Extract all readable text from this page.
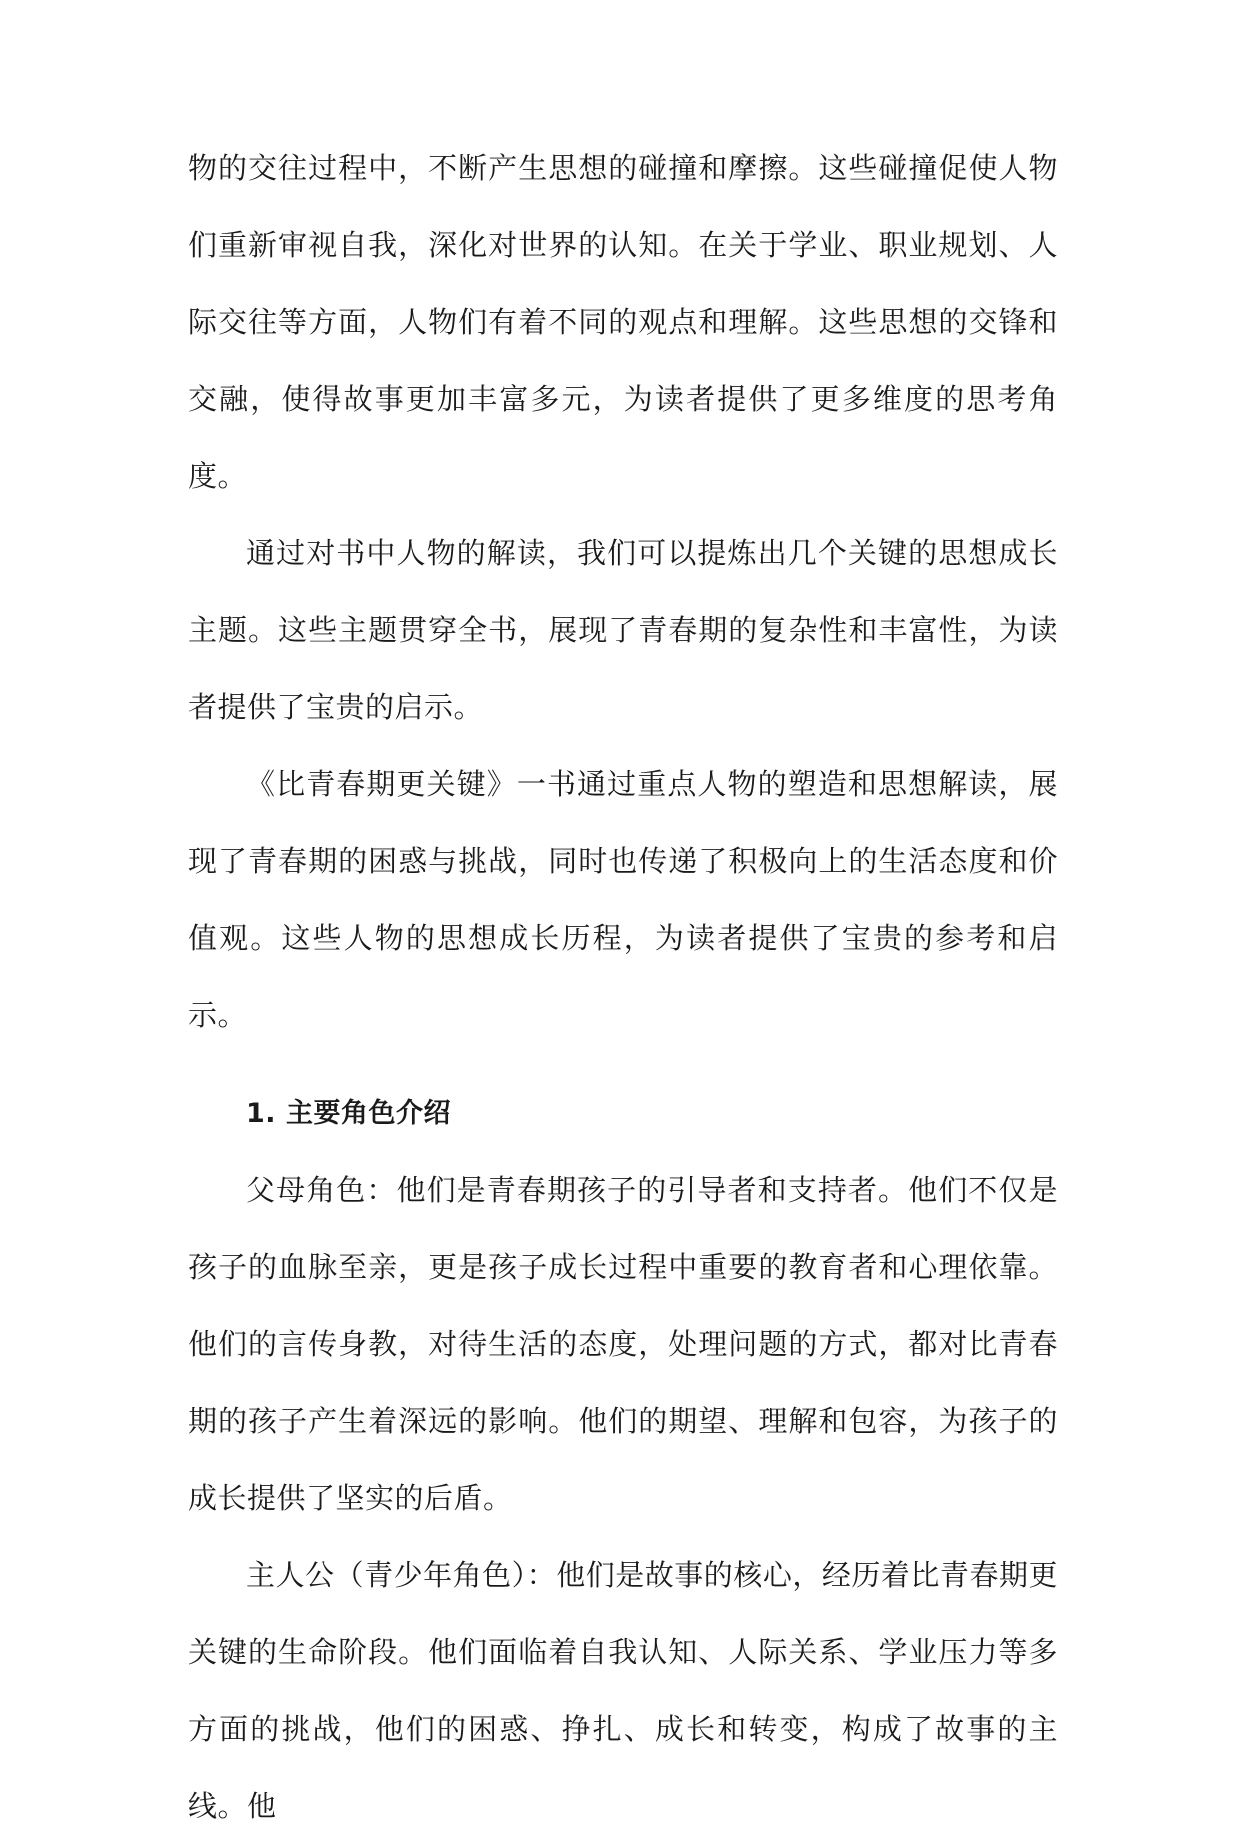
物的交往过程中，不断产生思想的碰撞和摩擦。这些碰撞促使人物们重新审视自我，深化对世界的认知。在关于学业、职业规划、人际交往等方面，人物们有着不同的观点和理解。这些思想的交锋和交融，使得故事更加丰富多元，为读者提供了更多维度的思考角度。

通过对书中人物的解读，我们可以提炼出几个关键的思想成长主题。这些主题贯穿全书，展现了青春期的复杂性和丰富性，为读者提供了宝贵的启示。

《比青春期更关键》一书通过重点人物的塑造和思想解读，展现了青春期的困惑与挑战，同时也传递了积极向上的生活态度和价值观。这些人物的思想成长历程，为读者提供了宝贵的参考和启示。

1. 主要角色介绍

父母角色：他们是青春期孩子的引导者和支持者。他们不仅是孩子的血脉至亲，更是孩子成长过程中重要的教育者和心理依靠。他们的言传身教，对待生活的态度，处理问题的方式，都对比青春期的孩子产生着深远的影响。他们的期望、理解和包容，为孩子的成长提供了坚实的后盾。

主人公（青少年角色）：他们是故事的核心，经历着比青春期更关键的生命阶段。他们面临着自我认知、人际关系、学业压力等多方面的挑战，他们的困惑、挣扎、成长和转变，构成了故事的主线。他
